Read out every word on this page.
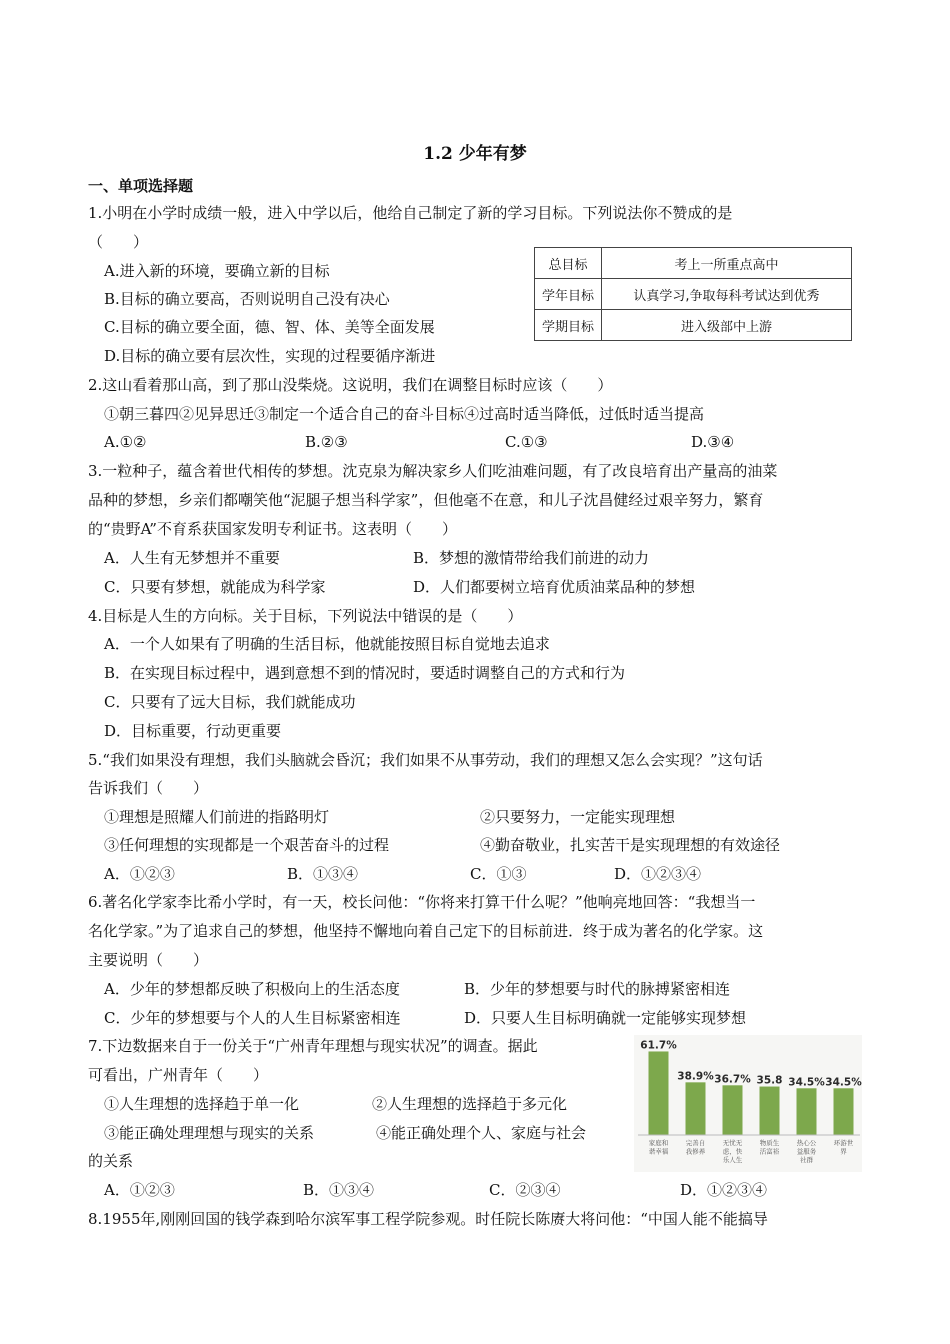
1.2 少年有梦
一、单项选择题
1.小明在小学时成绩一般，进入中学以后，他给自己制定了新的学习目标。下列说法你不赞成的是
（　　）
A.进入新的环境，要确立新的目标
B.目标的确立要高，否则说明自己没有决心
C.目标的确立要全面，德、智、体、美等全面发展
D.目标的确立要有层次性，实现的过程要循序渐进
总目标	考上一所重点高中
学年目标	认真学习,争取每科考试达到优秀
学期目标	进入级部中上游
2.这山看着那山高，到了那山没柴烧。这说明，我们在调整目标时应该（　　）
①朝三暮四②见异思迁③制定一个适合自己的奋斗目标④过高时适当降低，过低时适当提高
A.①②	B.②③	C.①③	D.③④
3.一粒种子，蕴含着世代相传的梦想。沈克泉为解决家乡人们吃油难问题，有了改良培育出产量高的油菜
品种的梦想，乡亲们都嘲笑他“泥腿子想当科学家”，但他毫不在意，和儿子沈昌健经过艰辛努力，繁育
的“贵野A”不育系获国家发明专利证书。这表明（　　）
A．人生有无梦想并不重要	B．梦想的激情带给我们前进的动力
C．只要有梦想，就能成为科学家	D．人们都要树立培育优质油菜品种的梦想
4.目标是人生的方向标。关于目标，下列说法中错误的是（　　）
A．一个人如果有了明确的生活目标，他就能按照目标自觉地去追求
B．在实现目标过程中，遇到意想不到的情况时，要适时调整自己的方式和行为
C．只要有了远大目标，我们就能成功
D．目标重要，行动更重要
5.“我们如果没有理想，我们头脑就会昏沉；我们如果不从事劳动，我们的理想又怎么会实现？”这句话
告诉我们（　　）
①理想是照耀人们前进的指路明灯	②只要努力，一定能实现理想
③任何理想的实现都是一个艰苦奋斗的过程	④勤奋敬业，扎实苦干是实现理想的有效途径
A．①②③	B．①③④	C．①③	D．①②③④
6.著名化学家李比希小学时，有一天，校长问他：“你将来打算干什么呢？”他响亮地回答：“我想当一
名化学家。”为了追求自己的梦想，他坚持不懈地向着自己定下的目标前进．终于成为著名的化学家。这
主要说明（　　）
A．少年的梦想都反映了积极向上的生活态度	B．少年的梦想要与时代的脉搏紧密相连
C．少年的梦想要与个人的人生目标紧密相连	D．只要人生目标明确就一定能够实现梦想
7.下边数据来自于一份关于“广州青年理想与现实状况”的调查。据此
可看出，广州青年（　　）
①人生理想的选择趋于单一化	②人生理想的选择趋于多元化
③能正确处理理想与现实的关系	④能正确处理个人、家庭与社会
的关系
A．①②③	B．①③④	C．②③④	D．①②③④
61.7%
家庭和
谐幸福
38.9%
完善自
我修养
36.7%
无忧无
虑，快
乐人生
35.8
物质生
活富裕
34.5%
热心公
益服务
社群
34.5%
环游世
界
8.1955年,刚刚回国的钱学森到哈尔滨军事工程学院参观。时任院长陈赓大将问他：“中国人能不能搞导
